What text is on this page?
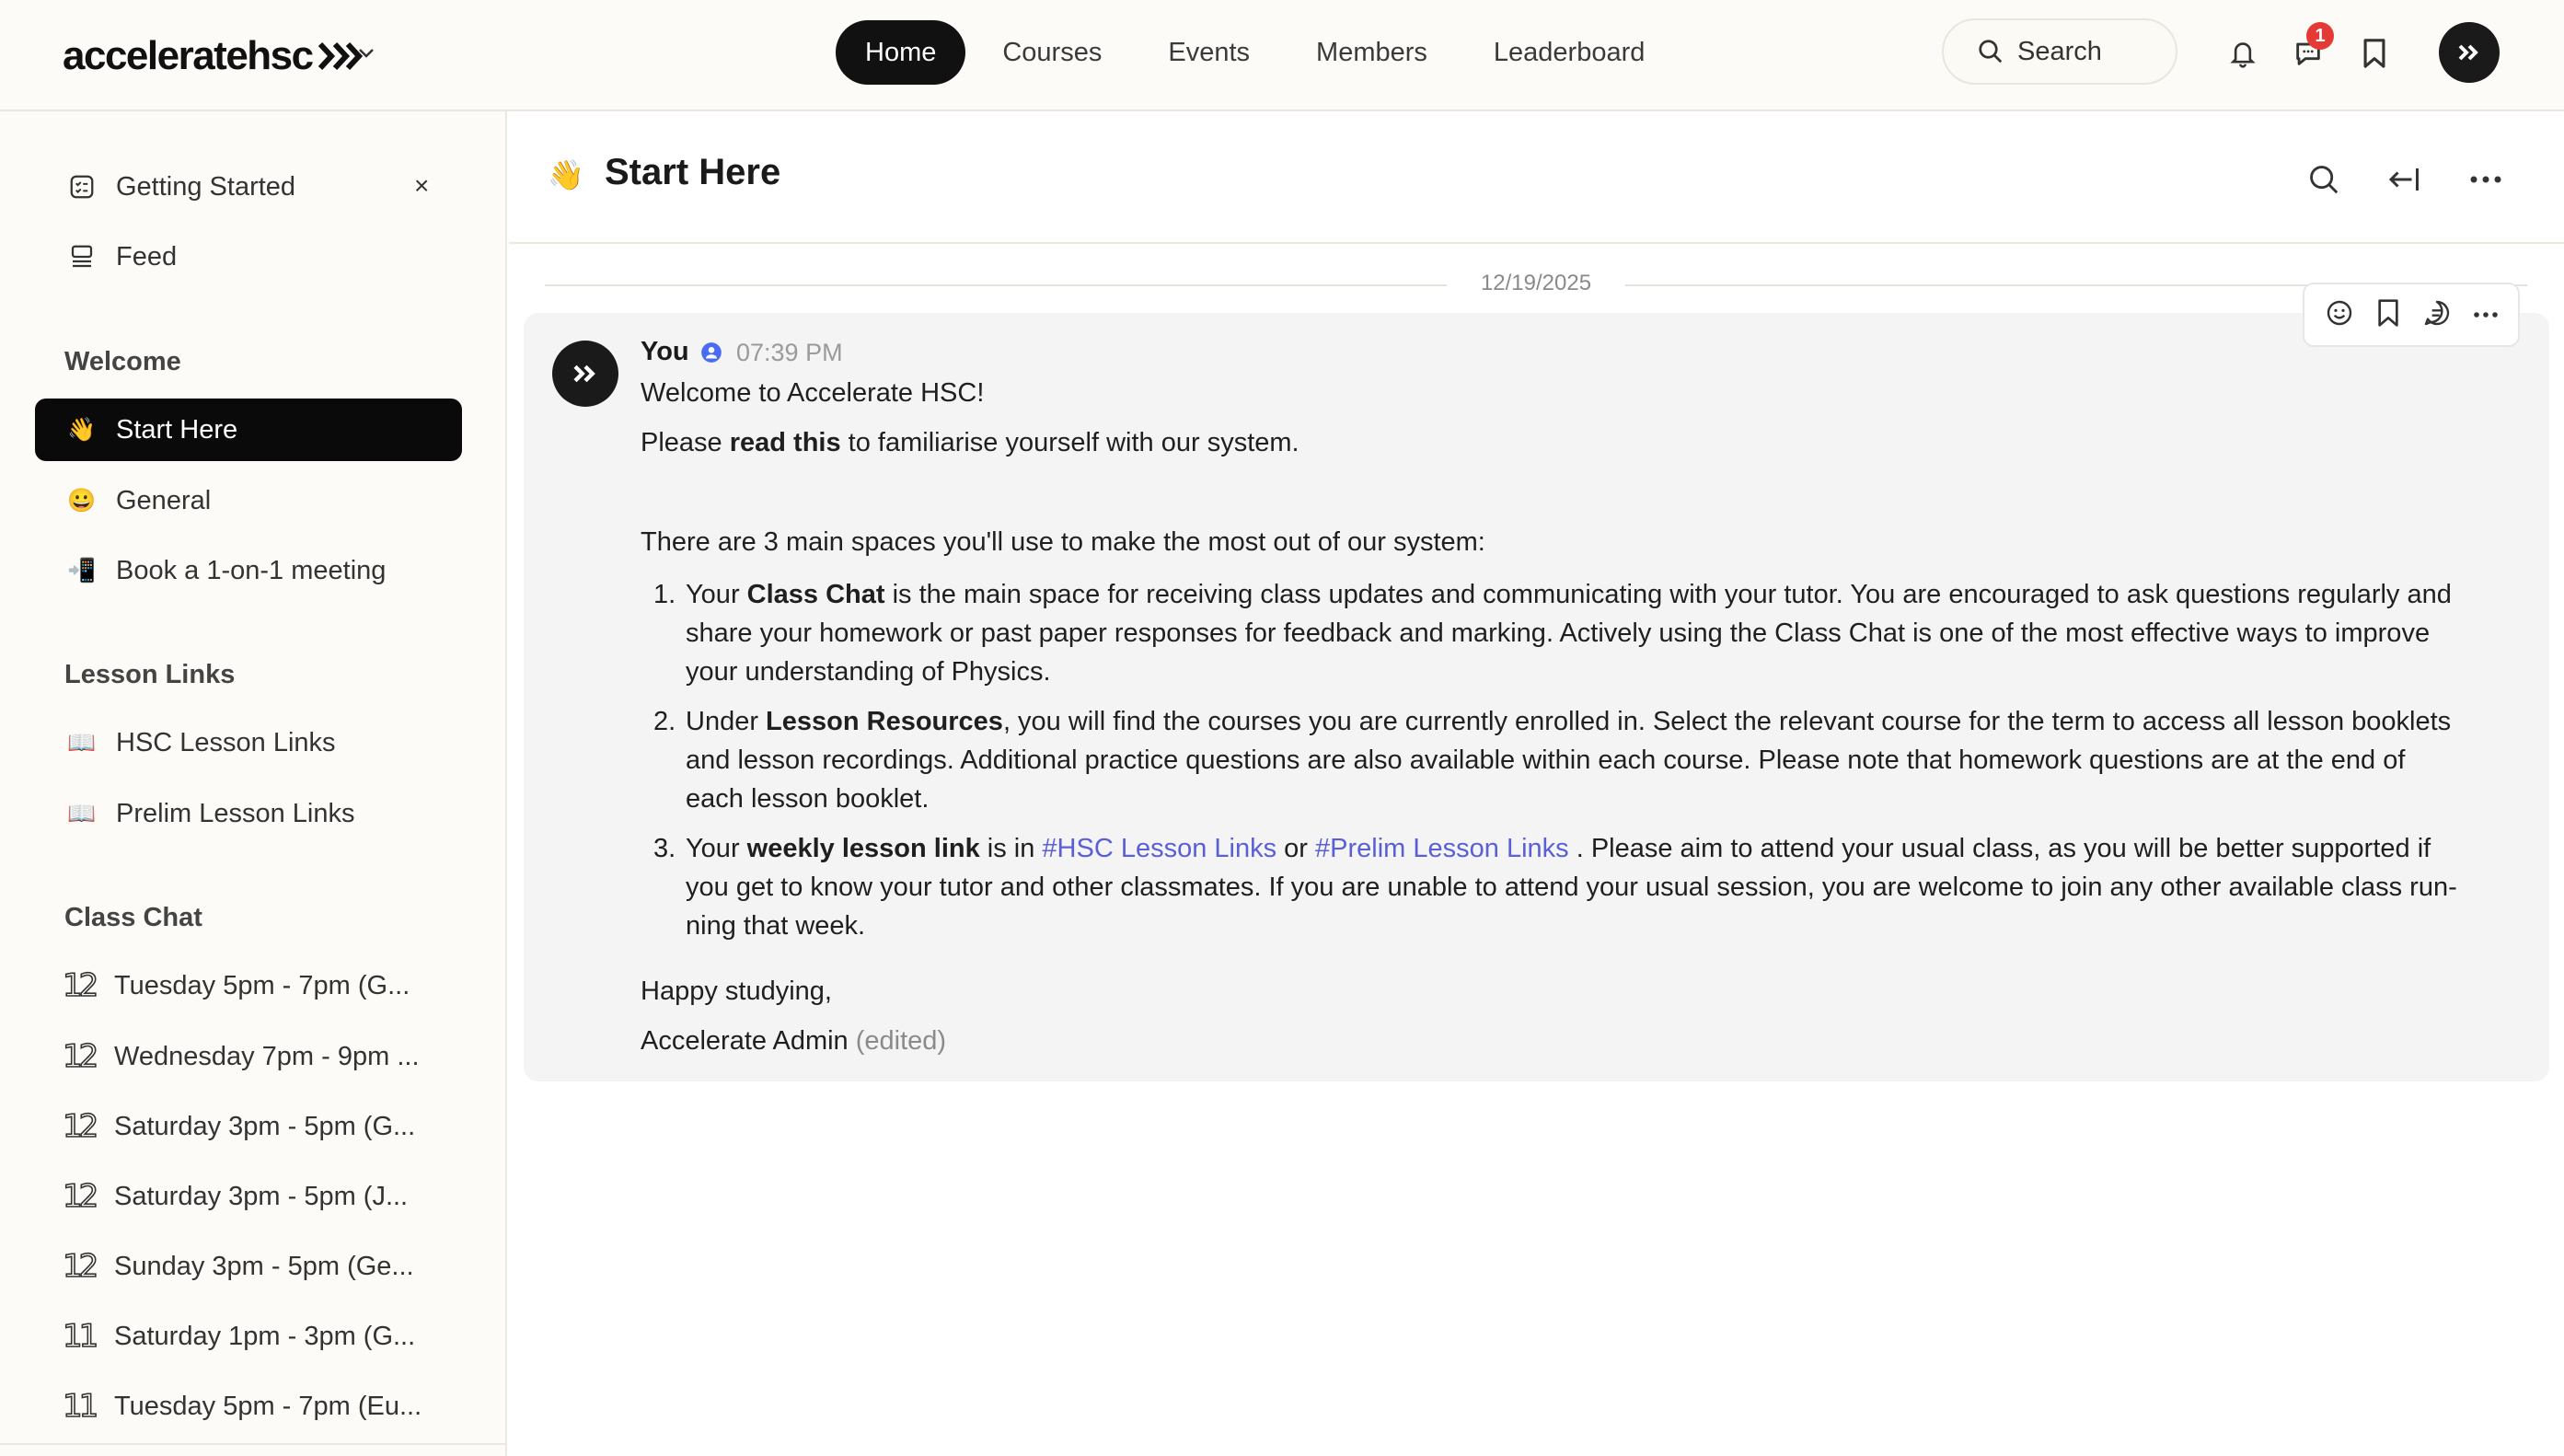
acceleratehsc	Home	Courses	Events	Members	Leaderboard	Search
1
Getting Started	×
Feed
Welcome
👋 Start Here
😀 General
📲 Book a 1-on-1 meeting
Lesson Links
📖 HSC Lesson Links
📖 Prelim Lesson Links
Class Chat
12 Tuesday 5pm - 7pm (G...
12 Wednesday 7pm - 9pm ...
12 Saturday 3pm - 5pm (G...
12 Saturday 3pm - 5pm (J...
12 Sunday 3pm - 5pm (Ge...
11 Saturday 1pm - 3pm (G...
11 Tuesday 5pm - 7pm (Eu...
👋 Start Here
12/19/2025
You 07:39 PM
Welcome to Accelerate HSC!
Please read this to familiarise yourself with our system.
There are 3 main spaces you'll use to make the most out of our system:
1. Your Class Chat is the main space for receiving class updates and communicating with your tutor. You are encouraged to ask questions regularly and
share your homework or past paper responses for feedback and marking. Actively using the Class Chat is one of the most effective ways to improve
your understanding of Physics.
2. Under Lesson Resources, you will find the courses you are currently enrolled in. Select the relevant course for the term to access all lesson booklets
and lesson recordings. Additional practice questions are also available within each course. Please note that homework questions are at the end of
each lesson booklet.
3. Your weekly lesson link is in #HSC Lesson Links or #Prelim Lesson Links . Please aim to attend your usual class, as you will be better supported if
you get to know your tutor and other classmates. If you are unable to attend your usual session, you are welcome to join any other available class run-
ning that week.
Happy studying,
Accelerate Admin (edited)
